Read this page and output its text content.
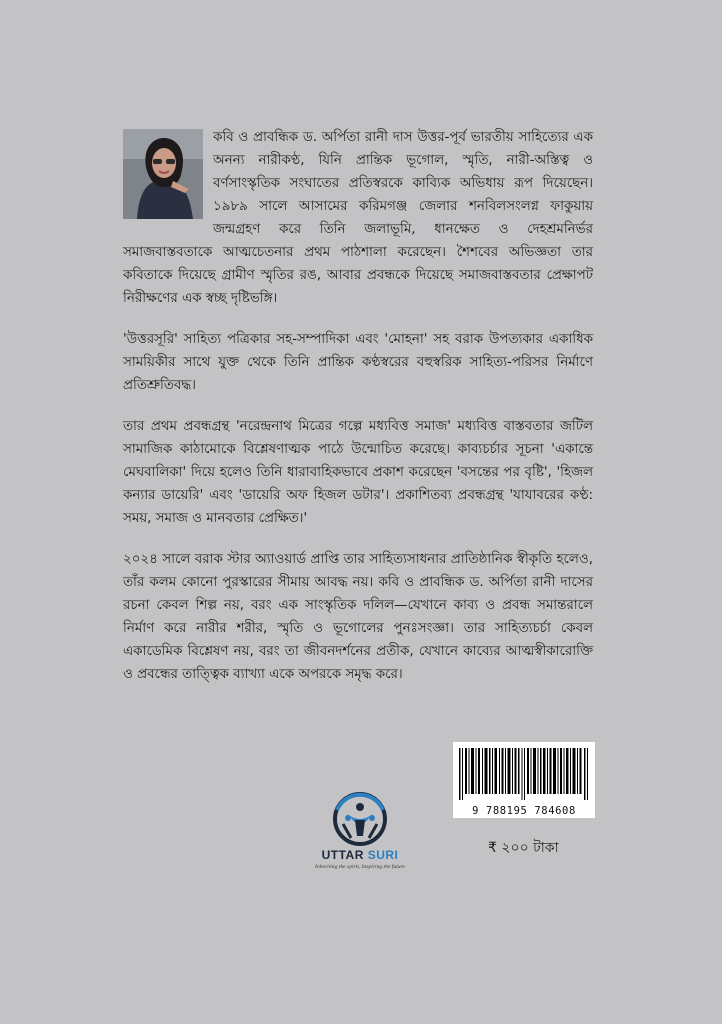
কবি ও প্রাবন্ধিক ড. অর্পিতা রানী দাস উত্তর-পূর্ব ভারতীয় সাহিত্যের এক অনন্য নারীকণ্ঠ, যিনি প্রান্তিক ভূগোল, স্মৃতি, নারী-অস্তিত্ব ও বর্ণসাংস্কৃতিক সংঘাতের প্রতিস্বরকে কাব্যিক অভিধায় রূপ দিয়েছেন। ১৯৮৯ সালে আসামের করিমগঞ্জ জেলার শনবিলসংলগ্ন ফাকুয়ায় জন্মগ্রহণ করে তিনি জলাভূমি, ধানক্ষেত ও দেহশ্রমনির্ভর সমাজবাস্তবতাকে আত্মচেতনার প্রথম পাঠশালা করেছেন। শৈশবের অভিজ্ঞতা তার কবিতাকে দিয়েছে গ্রামীণ স্মৃতির রঙ, আবার প্রবন্ধকে দিয়েছে সমাজবাস্তবতার প্রেক্ষাপট নিরীক্ষণের এক স্বচ্ছ দৃষ্টিভঙ্গি।

'উত্তরসূরি' সাহিত্য পত্রিকার সহ-সম্পাদিকা এবং 'মোহনা' সহ বরাক উপত্যকার একাধিক সাময়িকীর সাথে যুক্ত থেকে তিনি প্রান্তিক কণ্ঠস্বরের বহুস্বরিক সাহিত্য-পরিসর নির্মাণে প্রতিশ্রুতিবদ্ধ।

তার প্রথম প্রবন্ধগ্রন্থ 'নরেন্দ্রনাথ মিত্রের গল্পে মধ্যবিত্ত সমাজ' মধ্যবিত্ত বাস্তবতার জটিল সামাজিক কাঠামোকে বিশ্লেষণাত্মক পাঠে উন্মোচিত করেছে। কাব্যচর্চার সূচনা 'একান্তে মেঘবালিকা' দিয়ে হলেও তিনি ধারাবাহিকভাবে প্রকাশ করেছেন 'বসন্তের পর বৃষ্টি', 'হিজল কন্যার ডায়েরি' এবং 'ডায়েরি অফ হিজল ডটার'। প্রকাশিতব্য প্রবন্ধগ্রন্থ 'যাযাবরের কণ্ঠ: সময়, সমাজ ও মানবতার প্রেক্ষিত।'

২০২৪ সালে বরাক স্টার অ্যাওয়ার্ড প্রাপ্তি তার সাহিত্যসাধনার প্রাতিষ্ঠানিক স্বীকৃতি হলেও, তাঁর কলম কোনো পুরস্কারের সীমায় আবদ্ধ নয়। কবি ও প্রাবন্ধিক ড. অর্পিতা রানী দাসের রচনা কেবল শিল্প নয়, বরং এক সাংস্কৃতিক দলিল—যেখানে কাব্য ও প্রবন্ধ সমান্তরালে নির্মাণ করে নারীর শরীর, স্মৃতি ও ভূগোলের পুনঃসংজ্ঞা। তার সাহিত্যচর্চা কেবল একাডেমিক বিশ্লেষণ নয়, বরং তা জীবনদর্শনের প্রতীক, যেখানে কাব্যের আত্মস্বীকারোক্তি ও প্রবন্ধের তাত্ত্বিক ব্যাখ্যা একে অপরকে সমৃদ্ধ করে।

9 788195 784608
UTTAR SURI
Inheriting the spirit, Inspiring the future
₹ ২০০ টাকা
